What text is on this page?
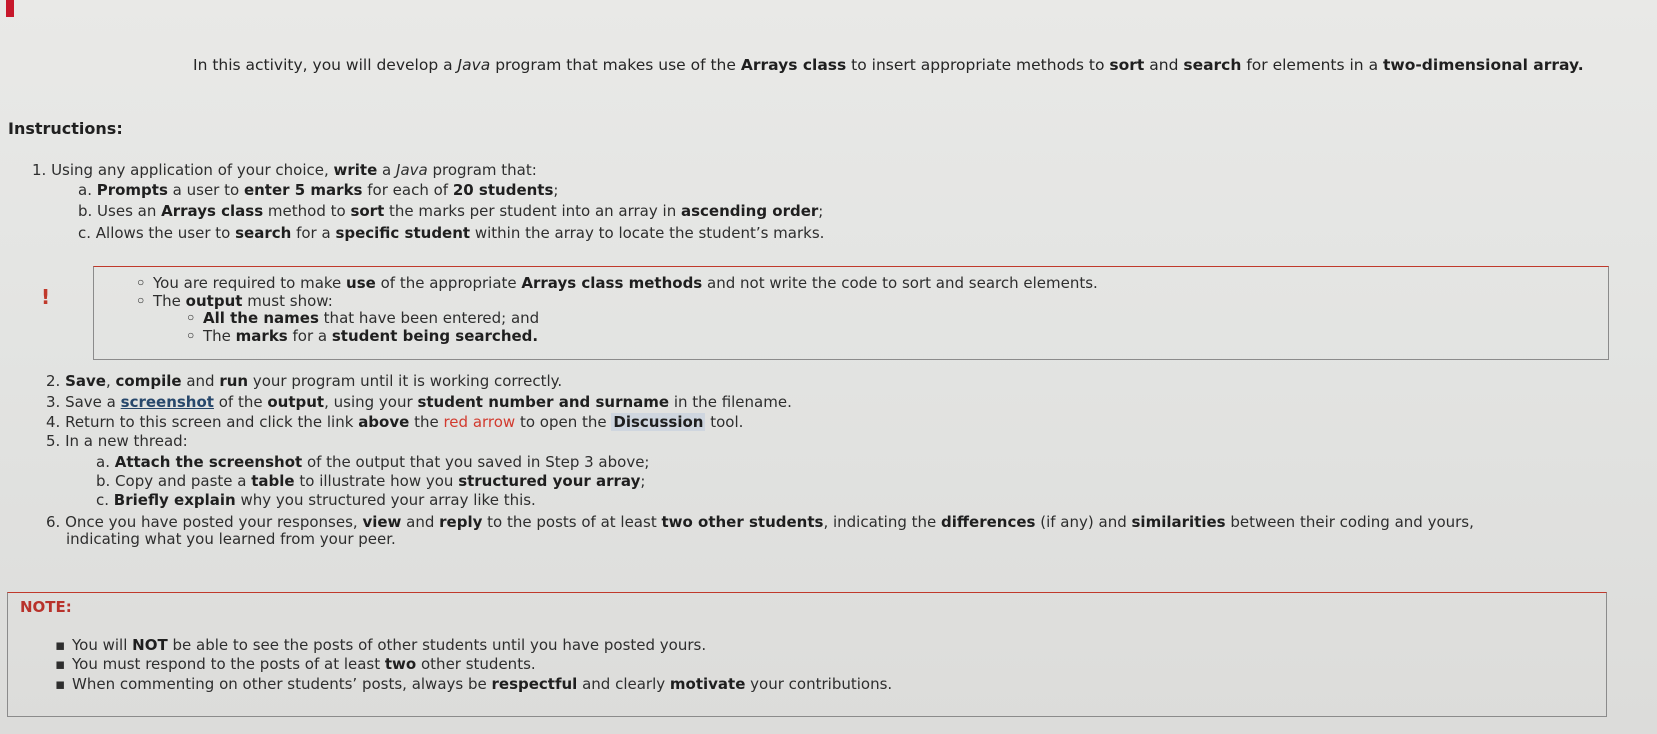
In this activity, you will develop a Java program that makes use of the Arrays class to insert appropriate methods to sort and search for elements in a two-dimensional array.
Instructions:
1. Using any application of your choice, write a Java program that:
a. Prompts a user to enter 5 marks for each of 20 students;
b. Uses an Arrays class method to sort the marks per student into an array in ascending order;
c. Allows the user to search for a specific student within the array to locate the student’s marks.
!
◦ You are required to make use of the appropriate Arrays class methods and not write the code to sort and search elements.
◦ The output must show:
◦ All the names that have been entered; and
◦ The marks for a student being searched.
2. Save, compile and run your program until it is working correctly.
3. Save a screenshot of the output, using your student number and surname in the filename.
4. Return to this screen and click the link above the red arrow to open the Discussion tool.
5. In a new thread:
a. Attach the screenshot of the output that you saved in Step 3 above;
b. Copy and paste a table to illustrate how you structured your array;
c. Briefly explain why you structured your array like this.
6. Once you have posted your responses, view and reply to the posts of at least two other students, indicating the differences (if any) and similarities between their coding and yours,
indicating what you learned from your peer.
NOTE:
▪ You will NOT be able to see the posts of other students until you have posted yours.
▪ You must respond to the posts of at least two other students.
▪ When commenting on other students’ posts, always be respectful and clearly motivate your contributions.
